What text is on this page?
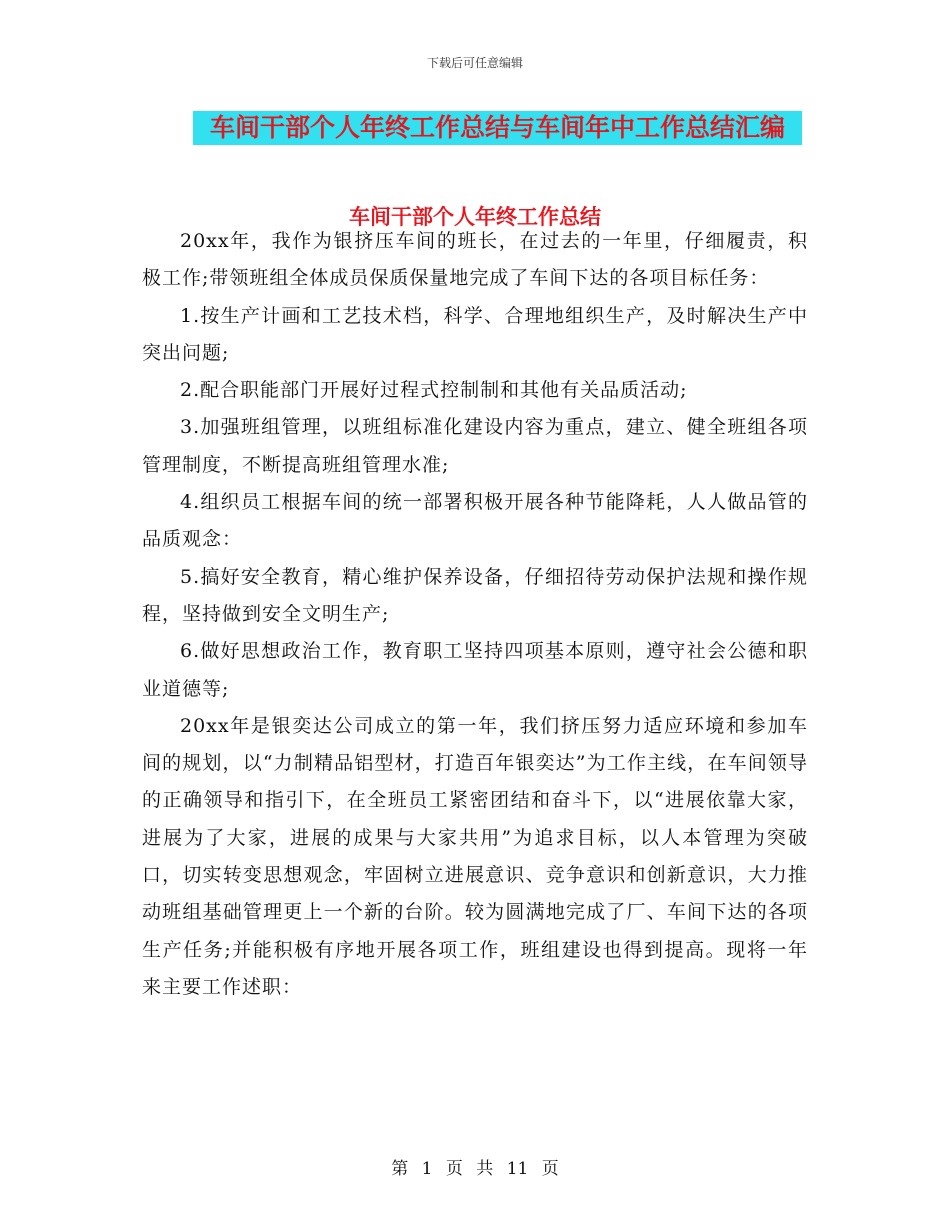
下载后可任意编辑
车间干部个人年终工作总结与车间年中工作总结汇编
车间干部个人年终工作总结

20xx年，我作为银挤压车间的班长，在过去的一年里，仔细履责，积极工作;带领班组全体成员保质保量地完成了车间下达的各项目标任务：

1.按生产计画和工艺技术档，科学、合理地组织生产，及时解决生产中突出问题;

2.配合职能部门开展好过程式控制制和其他有关品质活动;

3.加强班组管理，以班组标准化建设内容为重点，建立、健全班组各项管理制度，不断提高班组管理水准;

4.组织员工根据车间的统一部署积极开展各种节能降耗，人人做品管的品质观念：

5.搞好安全教育，精心维护保养设备，仔细招待劳动保护法规和操作规程，坚持做到安全文明生产;

6.做好思想政治工作，教育职工坚持四项基本原则，遵守社会公德和职业道德等;

20xx年是银奕达公司成立的第一年，我们挤压努力适应环境和参加车间的规划，以“力制精品铝型材，打造百年银奕达”为工作主线，在车间领导的正确领导和指引下，在全班员工紧密团结和奋斗下，以“进展依靠大家，进展为了大家，进展的成果与大家共用”为追求目标，以人本管理为突破口，切实转变思想观念，牢固树立进展意识、竞争意识和创新意识，大力推动班组基础管理更上一个新的台阶。较为圆满地完成了厂、车间下达的各项生产任务;并能积极有序地开展各项工作，班组建设也得到提高。现将一年来主要工作述职：

第 1 页 共 11 页
